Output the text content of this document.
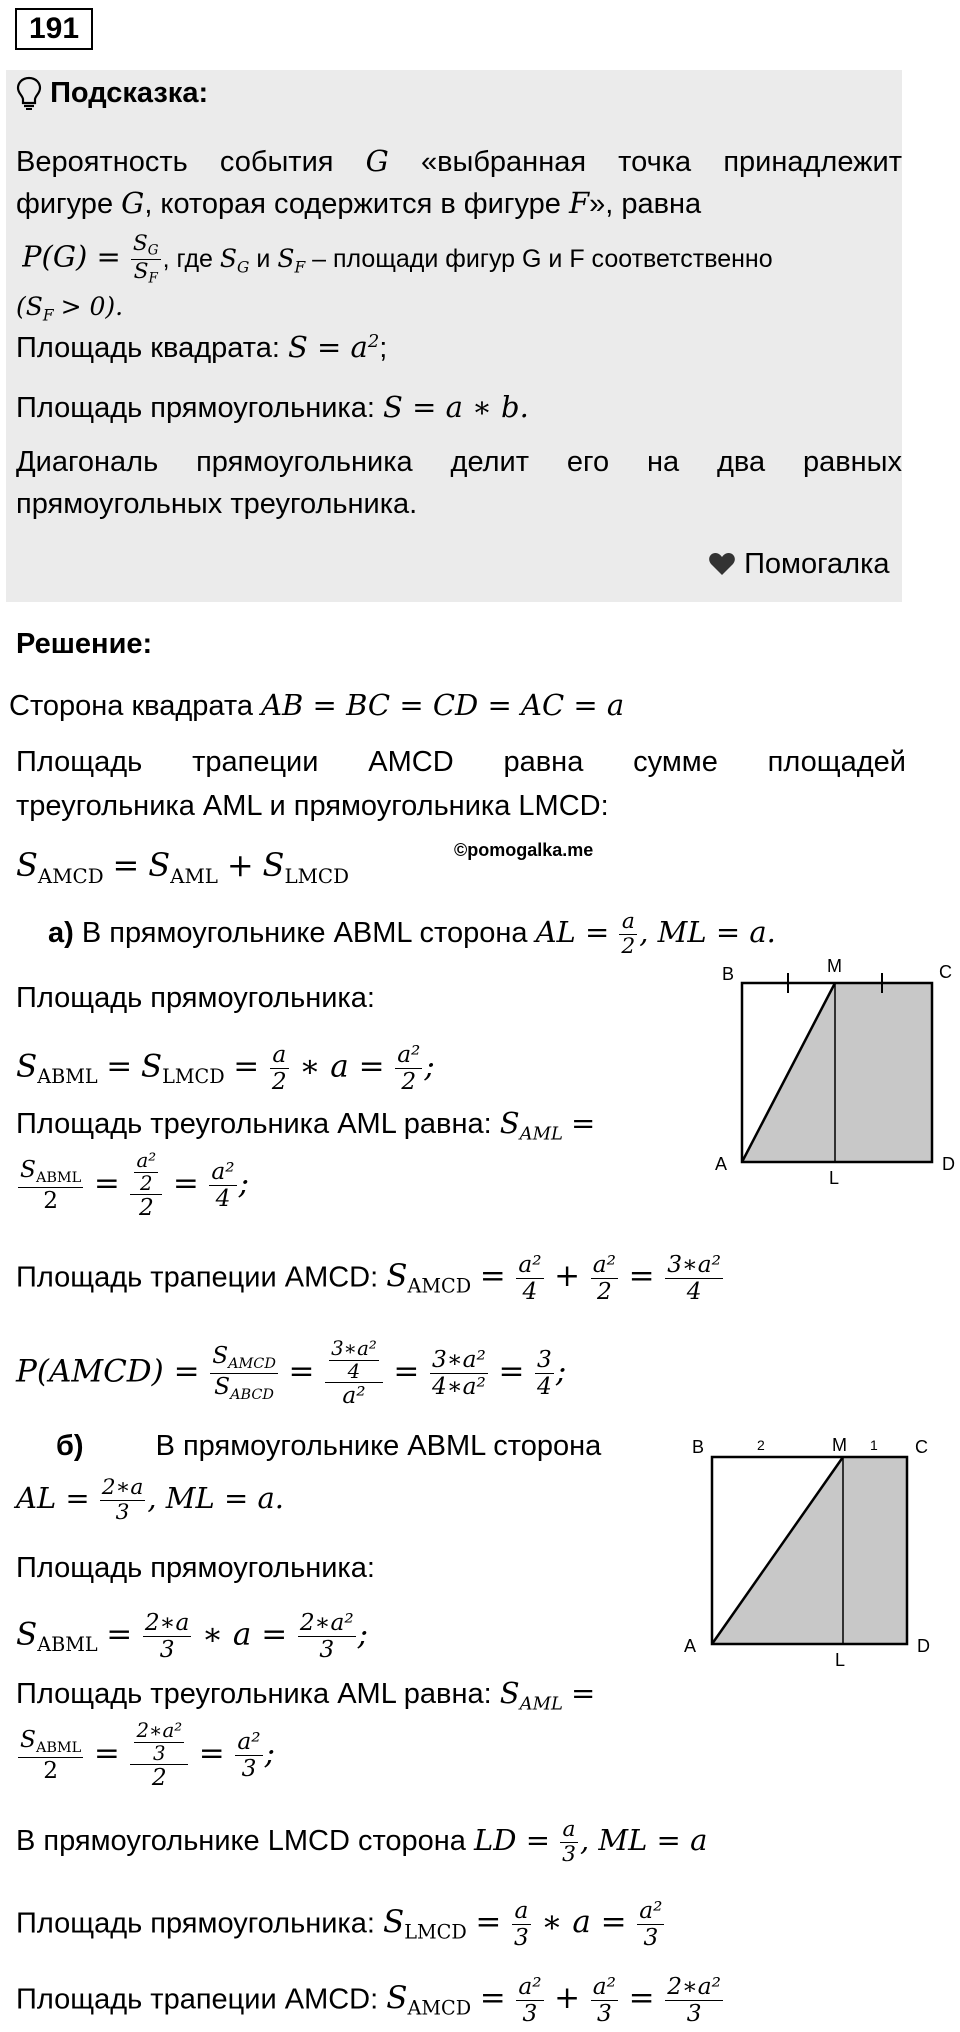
191
Подсказка:
Вероятность события G «выбранная точка принадлежит
фигуре G, которая содержится в фигуре F», равна
$P(G) = \frac{S_G}{S_F}$ , где $S_G$ и $S_F$ – площади фигур G и F соответственно
$(S_F > 0)$.
Площадь квадрата: $S = a^2$;
Площадь прямоугольника: S = a ∗ b.
Диагональ прямоугольника делит его на два равных
прямоугольных треугольника.
Помогалка
Решение:
Сторона квадрата AB = BC = CD = AC = a
Площадь трапеции AMCD равна сумме площадей
треугольника AML и прямоугольника LMCD:
$S_{AMCD} = S_{AML} + S_{LMCD}$
©pomogalka.me
а) В прямоугольнике ABML сторона AL = $\frac{a}{2}$ , ML = a.
Площадь прямоугольника:
$S_{ABML} = S_{LMCD} = \frac{a}{2}$ ∗ $a = \frac{\text{a²}}{2}$ ;
Площадь треугольника AML равна: $S_{AML}$ =
$\frac{S_{ABML}}{2} = \frac{\frac{\text{a²}}{2}}{2} = \frac{\text{a²}}{4}$ ;
Площадь трапеции AMCD: $S_{AMCD} = \frac{\text{a²}}{4} + \frac{\text{a²}}{2} = \frac{\text{3∗a²}}{4}$
P(AMCD) = $\frac{S_{AMCD}}{S_{ABCD}} = \frac{\frac{\text{3∗a²}}{4}}{\text{a²}} = \frac{\text{3∗a²}}{\text{4∗a²}} = \frac{3}{4}$ ;
B	M	C
A
L
D
б) В прямоугольнике ABML сторона
AL = $\frac{2∗a}{3}$ , ML = a.
Площадь прямоугольника:
$S_{ABML} = \frac{2∗a}{3}$ ∗ $a = \frac{\text{2∗a²}}{3}$ ;
Площадь треугольника AML равна: $S_{AML}$ =
$\frac{S_{ABML}}{2} = \frac{\frac{\text{2∗a²}}{3}}{2} = \frac{\text{a²}}{3}$ ;
В прямоугольнике LMCD сторона LD = $\frac{a}{3}$ , ML = a
Площадь прямоугольника: $S_{LMCD} = \frac{a}{3}$ ∗ $a = \frac{\text{a²}}{3}$
Площадь трапеции AMCD: $S_{AMCD} = \frac{\text{a²}}{3} + \frac{\text{a²}}{3} = \frac{\text{2∗a²}}{3}$
B	2	M 1 C
A
L
D
